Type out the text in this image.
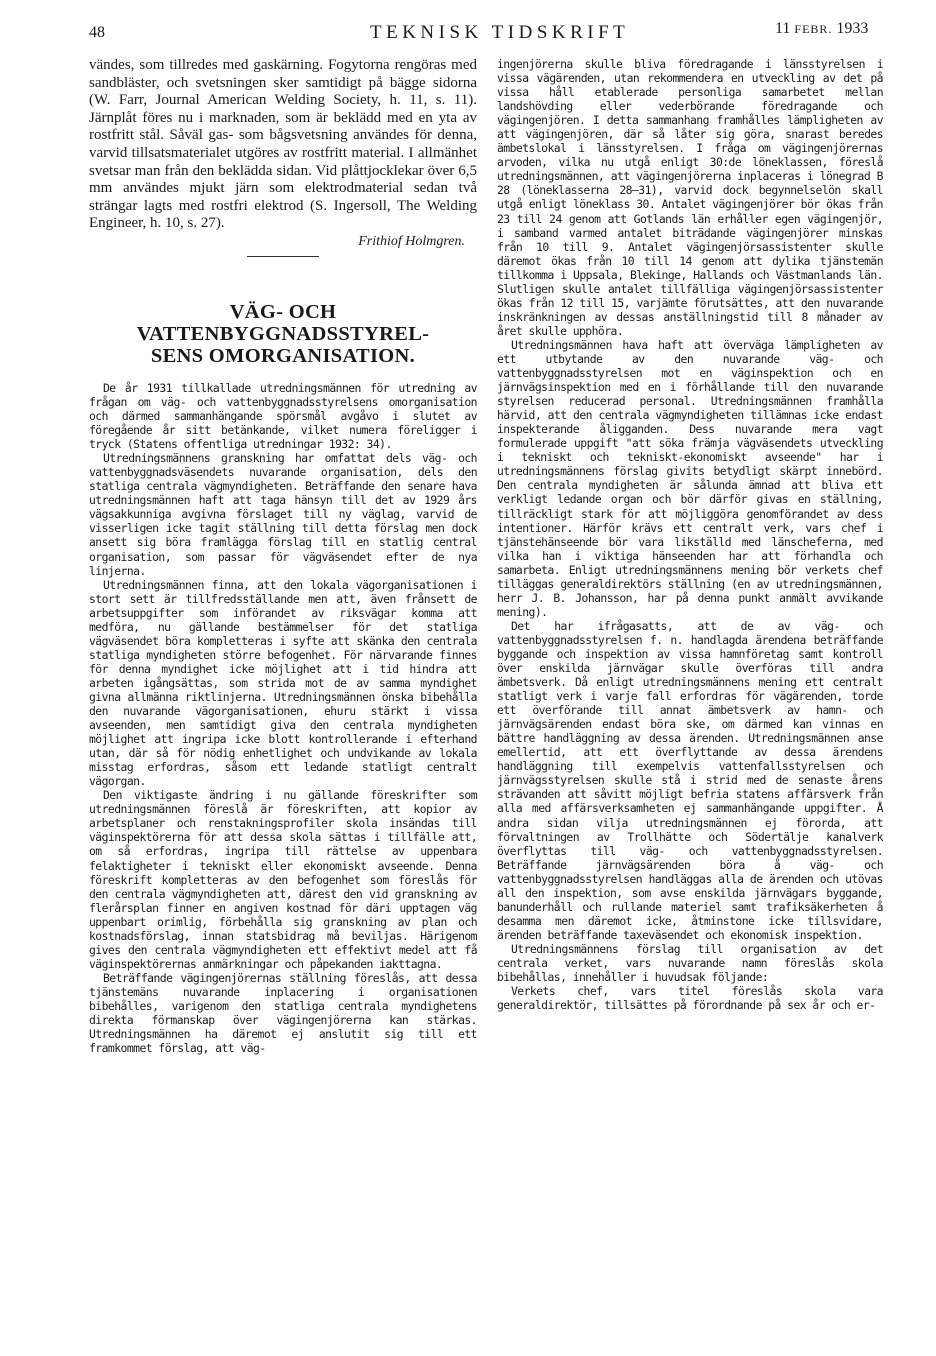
48	TEKNISK TIDSKRIFT	11 FEBR. 1933

vändes, som tillredes med gaskärning. Fogytorna rengöras med sandbläster, och svetsningen sker samtidigt på bägge sidorna (W. Farr, Journal American Welding Society, h. 11, s. 11). Järnplåt föres nu i marknaden, som är beklädd med en yta av rostfritt stål. Såväl gas- som bågsvetsning användes för denna, varvid tillsatsmaterialet utgöres av rostfritt material. I allmänhet svetsar man från den beklädda sidan. Vid plåttjocklekar över 6,5 mm användes mjukt järn som elektrodmaterial sedan två strängar lagts med rostfri elektrod (S. Ingersoll, The Welding Engineer, h. 10, s. 27).

Frithiof Holmgren.

VÄG- OCH VATTENBYGGNADSSTYREL-
SENS OMORGANISATION.

De år 1931 tillkallade utredningsmännen för utredning av frågan om väg- och vattenbyggnadsstyrelsens omorganisation och därmed sammanhängande spörsmål avgåvo i slutet av föregående år sitt betänkande, vilket numera föreligger i tryck (Statens offentliga utredningar 1932: 34).

Utredningsmännens granskning har omfattat dels väg- och vattenbyggnadsväsendets nuvarande organisation, dels den statliga centrala vägmyndigheten. Beträffande den senare hava utredningsmännen haft att taga hänsyn till det av 1929 års vägsakkunniga avgivna förslaget till ny väglag, varvid de visserligen icke tagit ställning till detta förslag men dock ansett sig böra framlägga förslag till en statlig central organisation, som passar för vägväsendet efter de nya linjerna.

Utredningsmännen finna, att den lokala vägorganisationen i stort sett är tillfredsställande men att, även frånsett de arbetsuppgifter som införandet av riksvägar komma att medföra, nu gällande bestämmelser för det statliga vägväsendet böra kompletteras i syfte att skänka den centrala statliga myndigheten större befogenhet. För närvarande finnes för denna myndighet icke möjlighet att i tid hindra att arbeten igångsättas, som strida mot de av samma myndighet givna allmänna riktlinjerna. Utredningsmännen önska bibehålla den nuvarande vägorganisationen, ehuru stärkt i vissa avseenden, men samtidigt giva den centrala myndigheten möjlighet att ingripa icke blott kontrollerande i efterhand utan, där så för nödig enhetlighet och undvikande av lokala misstag erfordras, såsom ett ledande statligt centralt vägorgan.

Den viktigaste ändring i nu gällande föreskrifter som utredningsmännen föreslå är föreskriften, att kopior av arbetsplaner och renstakningsprofiler skola insändas till väginspektörerna för att dessa skola sättas i tillfälle att, om så erfordras, ingripa till rättelse av uppenbara felaktigheter i tekniskt eller ekonomiskt avseende. Denna föreskrift kompletteras av den befogenhet som föreslås för den centrala vägmyndigheten att, därest den vid granskning av flerårsplan finner en angiven kostnad för däri upptagen väg uppenbart orimlig, förbehålla sig granskning av plan och kostnadsförslag, innan statsbidrag må beviljas. Härigenom gives den centrala vägmyndigheten ett effektivt medel att få väginspektörernas anmärkningar och påpekanden iakttagna.

Beträffande vägingenjörernas ställning föreslås, att dessa tjänstemäns nuvarande inplacering i organisationen bibehålles, varigenom den statliga centrala myndighetens direkta förmanskap över vägingenjörerna kan stärkas. Utredningsmännen ha däremot ej anslutit sig till ett framkommet förslag, att väg-

ingenjörerna skulle bliva föredragande i länsstyrelsen i vissa vägärenden, utan rekommendera en utveckling av det på vissa håll etablerade personliga samarbetet mellan landshövding eller vederbörande föredragande och vägingenjören. I detta sammanhang framhålles lämpligheten av att vägingenjören, där så låter sig göra, snarast beredes ämbetslokal i länsstyrelsen. I fråga om vägingenjörernas arvoden, vilka nu utgå enligt 30:de löneklassen, föreslå utredningsmännen, att vägingenjörerna inplaceras i lönegrad B 28 (löneklasserna 28—31), varvid dock begynnelselön skall utgå enligt löneklass 30. Antalet vägingenjörer bör ökas från 23 till 24 genom att Gotlands län erhåller egen vägingenjör, i samband varmed antalet biträdande vägingenjörer minskas från 10 till 9. Antalet vägingenjörsassistenter skulle däremot ökas från 10 till 14 genom att dylika tjänstemän tillkomma i Uppsala, Blekinge, Hallands och Västmanlands län. Slutligen skulle antalet tillfälliga vägingenjörsassistenter ökas från 12 till 15, varjämte förutsättes, att den nuvarande inskränkningen av dessas anställningstid till 8 månader av året skulle upphöra.

Utredningsmännen hava haft att överväga lämpligheten av ett utbytande av den nuvarande väg- och vattenbyggnadsstyrelsen mot en väginspektion och en järnvägsinspektion med en i förhållande till den nuvarande styrelsen reducerad personal. Utredningsmännen framhålla härvid, att den centrala vägmyndigheten tillämnas icke endast inspekterande åligganden. Dess nuvarande mera vagt formulerade uppgift "att söka främja vägväsendets utveckling i tekniskt och tekniskt-ekonomiskt avseende" har i utredningsmännens förslag givits betydligt skärpt innebörd. Den centrala myndigheten är sålunda ämnad att bliva ett verkligt ledande organ och bör därför givas en ställning, tillräckligt stark för att möjliggöra genomförandet av dess intentioner. Härför krävs ett centralt verk, vars chef i tjänstehänseende bör vara likställd med länscheferna, med vilka han i viktiga hänseenden har att förhandla och samarbeta. Enligt utredningsmännens mening bör verkets chef tilläggas generaldirektörs ställning (en av utredningsmännen, herr J. B. Johansson, har på denna punkt anmält avvikande mening).

Det har ifrågasatts, att de av väg- och vattenbyggnadsstyrelsen f. n. handlagda ärendena beträffande byggande och inspektion av vissa hamnföretag samt kontroll över enskilda järnvägar skulle överföras till andra ämbetsverk. Då enligt utredningsmännens mening ett centralt statligt verk i varje fall erfordras för vägärenden, torde ett överförande till annat ämbetsverk av hamn- och järnvägsärenden endast böra ske, om därmed kan vinnas en bättre handläggning av dessa ärenden. Utredningsmännen anse emellertid, att ett överflyttande av dessa ärendens handläggning till exempelvis vattenfallsstyrelsen och järnvägsstyrelsen skulle stå i strid med de senaste årens strävanden att såvitt möjligt befria statens affärsverk från alla med affärsverksamheten ej sammanhängande uppgifter. Å andra sidan vilja utredningsmännen ej förorda, att förvaltningen av Trollhätte och Södertälje kanalverk överflyttas till väg- och vattenbyggnadsstyrelsen. Beträffande järnvägsärenden böra å väg- och vattenbyggnadsstyrelsen handläggas alla de ärenden och utövas all den inspektion, som avse enskilda järnvägars byggande, banunderhåll och rullande materiel samt trafiksäkerheten å desamma men däremot icke, åtminstone icke tillsvidare, ärenden beträffande taxeväsendet och ekonomisk inspektion.

Utredningsmännens förslag till organisation av det centrala verket, vars nuvarande namn föreslås skola bibehållas, innehåller i huvudsak följande:

Verkets chef, vars titel föreslås skola vara generaldirektör, tillsättes på förordnande på sex år och er-
